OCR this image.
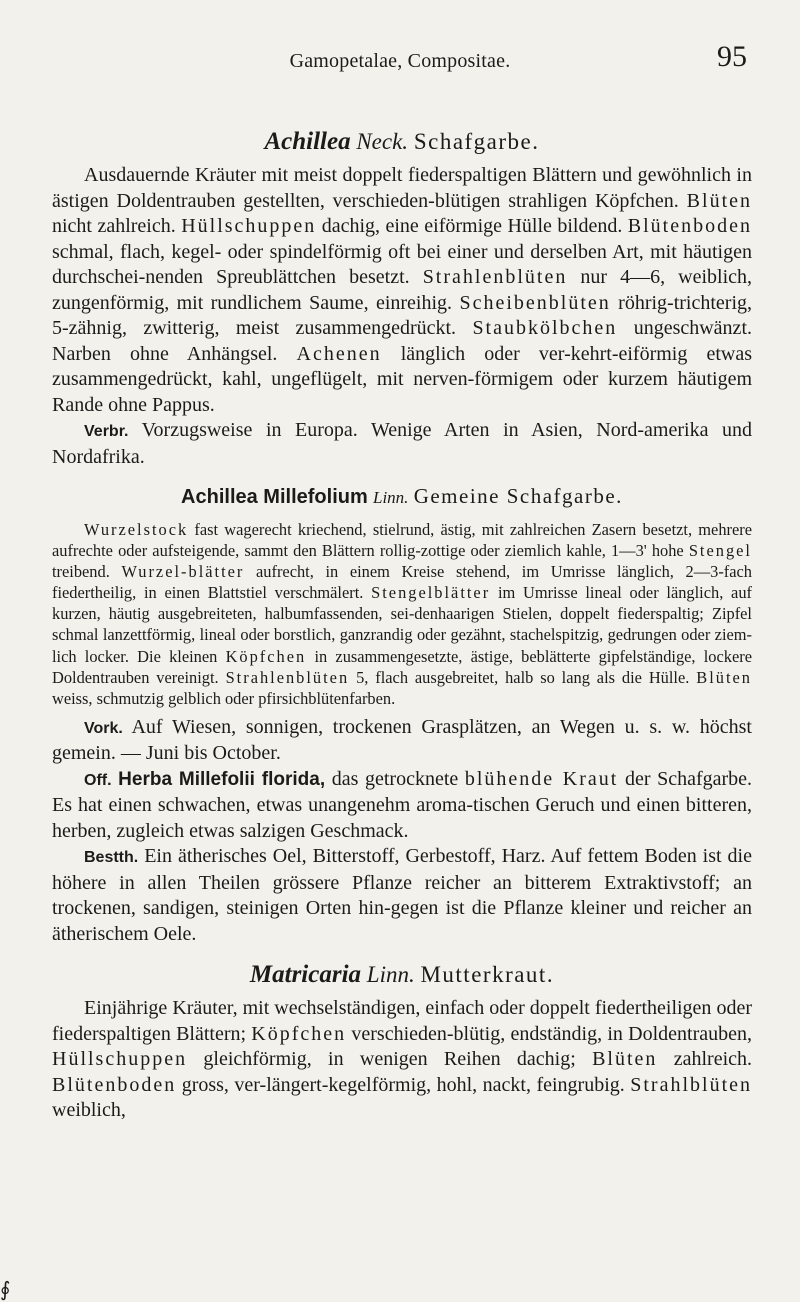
Gamopetalae, Compositae.	95
Achillea Neck. Schafgarbe.

Ausdauernde Kräuter mit meist doppelt fiederspaltigen Blättern und gewöhnlich in ästigen Doldentrauben gestellten, verschieden-blütigen strahligen Köpfchen. Blüten nicht zahlreich. Hüllschuppen dachig, eine eiförmige Hülle bildend. Blütenboden schmal, flach, kegel- oder spindelförmig oft bei einer und derselben Art, mit häutigen durchschei-nenden Spreublättchen besetzt. Strahlenblüten nur 4—6, weiblich, zungenförmig, mit rundlichem Saume, einreihig. Scheibenblüten röhrig-trichterig, 5-zähnig, zwitterig, meist zusammengedrückt. Staubkölbchen ungeschwänzt. Narben ohne Anhängsel. Achenen länglich oder ver-kehrt-eiförmig etwas zusammengedrückt, kahl, ungeflügelt, mit nerven-förmigem oder kurzem häutigem Rande ohne Pappus.

Verbr. Vorzugsweise in Europa. Wenige Arten in Asien, Nord-amerika und Nordafrika.

Achillea Millefolium Linn. Gemeine Schafgarbe.

Wurzelstock fast wagerecht kriechend, stielrund, ästig, mit zahlreichen Zasern besetzt, mehrere aufrechte oder aufsteigende, sammt den Blättern rollig-zottige oder ziemlich kahle, 1—3' hohe Stengel treibend. Wurzel-blätter aufrecht, in einem Kreise stehend, im Umrisse länglich, 2—3-fach fiedertheilig, in einen Blattstiel verschmälert. Stengelblätter im Umrisse lineal oder länglich, auf kurzen, häutig ausgebreiteten, halbumfassenden, sei-denhaarigen Stielen, doppelt fiederspaltig; Zipfel schmal lanzettförmig, lineal oder borstlich, ganzrandig oder gezähnt, stachelspitzig, gedrungen oder ziem-lich locker. Die kleinen Köpfchen in zusammengesetzte, ästige, beblätterte gipfelständige, lockere Doldentrauben vereinigt. Strahlenblüten 5, flach ausgebreitet, halb so lang als die Hülle. Blüten weiss, schmutzig gelblich oder pfirsichblütenfarben.

Vork. Auf Wiesen, sonnigen, trockenen Grasplätzen, an Wegen u. s. w. höchst gemein. — Juni bis October.

Off. Herba Millefolii florida, das getrocknete blühende Kraut der Schafgarbe. Es hat einen schwachen, etwas unangenehm aroma-tischen Geruch und einen bitteren, herben, zugleich etwas salzigen Geschmack.

Bestth. Ein ätherisches Oel, Bitterstoff, Gerbestoff, Harz. Auf fettem Boden ist die höhere in allen Theilen grössere Pflanze reicher an bitterem Extraktivstoff; an trockenen, sandigen, steinigen Orten hin-gegen ist die Pflanze kleiner und reicher an ätherischem Oele.

Matricaria Linn. Mutterkraut.

Einjährige Kräuter, mit wechselständigen, einfach oder doppelt fiedertheiligen oder fiederspaltigen Blättern; Köpfchen verschieden-blütig, endständig, in Doldentrauben, Hüllschuppen gleichförmig, in wenigen Reihen dachig; Blüten zahlreich. Blütenboden gross, ver-längert-kegelförmig, hohl, nackt, feingrubig. Strahlblüten weiblich,

∮
